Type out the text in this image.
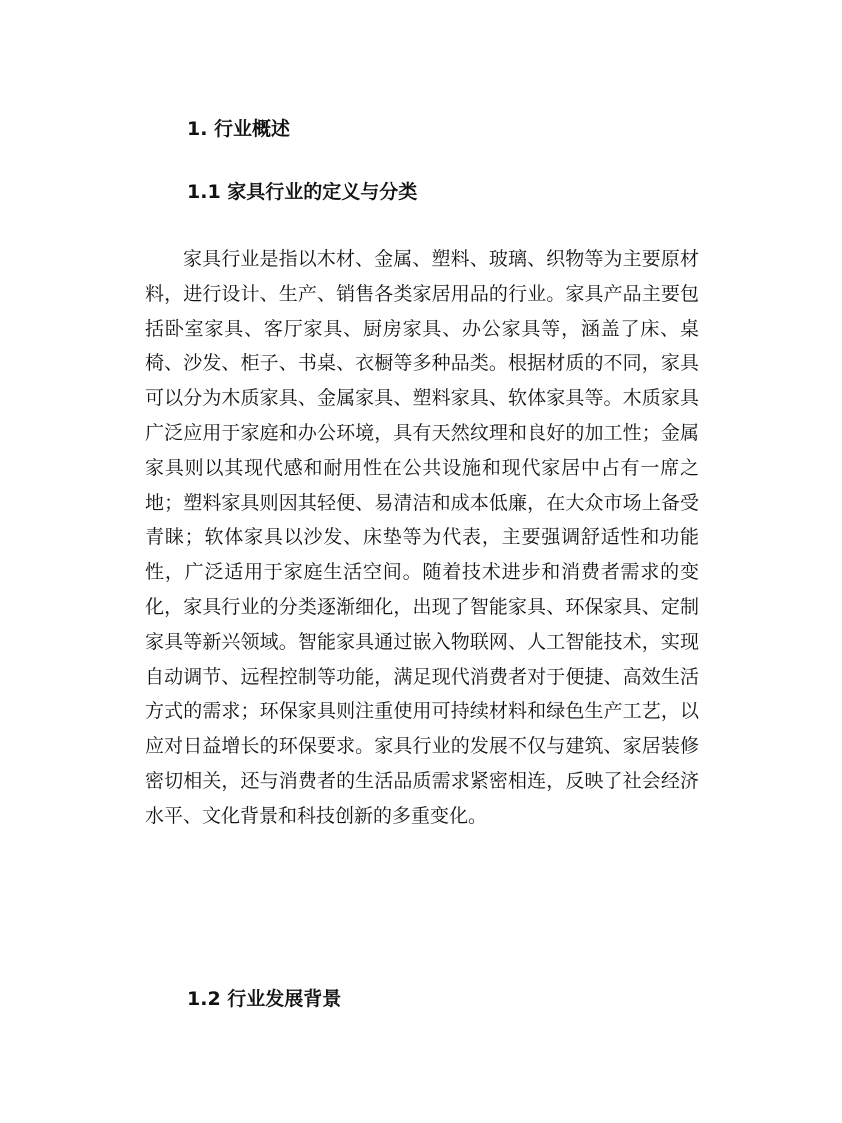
1. 行业概述
1.1 家具行业的定义与分类

家具行业是指以木材、金属、塑料、玻璃、织物等为主要原材料，进行设计、生产、销售各类家居用品的行业。家具产品主要包括卧室家具、客厅家具、厨房家具、办公家具等，涵盖了床、桌椅、沙发、柜子、书桌、衣橱等多种品类。根据材质的不同，家具可以分为木质家具、金属家具、塑料家具、软体家具等。木质家具广泛应用于家庭和办公环境，具有天然纹理和良好的加工性；金属家具则以其现代感和耐用性在公共设施和现代家居中占有一席之地；塑料家具则因其轻便、易清洁和成本低廉，在大众市场上备受青睐；软体家具以沙发、床垫等为代表，主要强调舒适性和功能性，广泛适用于家庭生活空间。随着技术进步和消费者需求的变化，家具行业的分类逐渐细化，出现了智能家具、环保家具、定制家具等新兴领域。智能家具通过嵌入物联网、人工智能技术，实现自动调节、远程控制等功能，满足现代消费者对于便捷、高效生活方式的需求；环保家具则注重使用可持续材料和绿色生产工艺，以应对日益增长的环保要求。家具行业的发展不仅与建筑、家居装修密切相关，还与消费者的生活品质需求紧密相连，反映了社会经济水平、文化背景和科技创新的多重变化。

1.2 行业发展背景
